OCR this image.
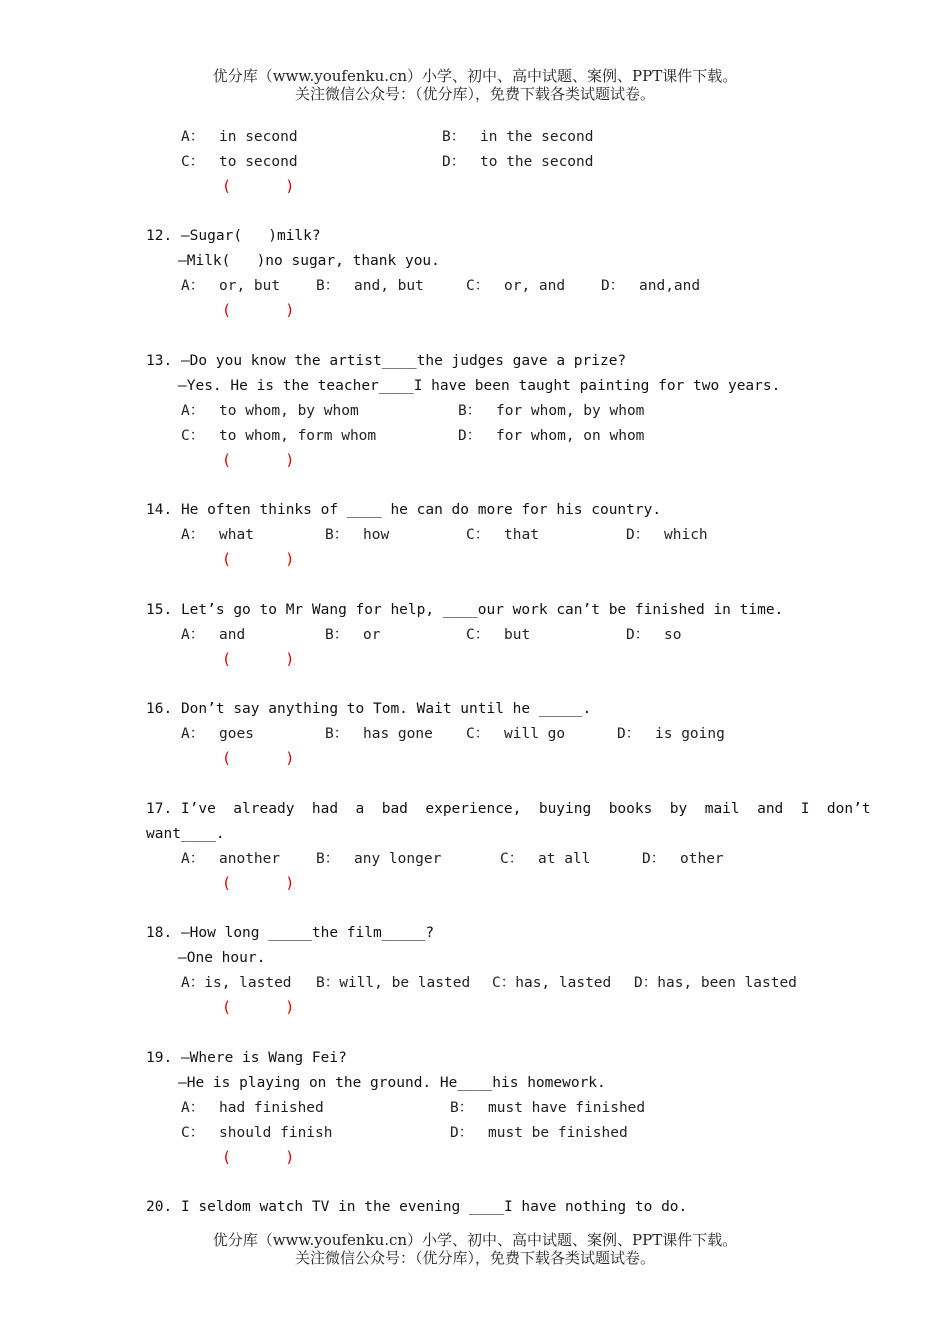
优分库（www.youfenku.cn）小学、初中、高中试题、案例、PPT课件下载。
关注微信公众号：（优分库），免费下载各类试题试卷。
A： in second	B： in the second
C： to second	D： to the second
(      )
12. —Sugar(   )milk?
—Milk(   )no sugar, thank you.
A： or, but B： and, but	C： or, and D： and,and
(      )
13. —Do you know the artist____the judges gave a prize?
—Yes. He is the teacher____I have been taught painting for two years.
A： to whom, by whom	B： for whom, by whom
C： to whom, form whom	D： for whom, on whom
(      )
14. He often thinks of ____ he can do more for his country.
A： what	B： how	C： that	D： which
(      )
15. Let’s go to Mr Wang for help, ____our work can’t be finished in time.
A： and	B： or	C： but	D： so
(      )
16. Don’t say anything to Tom. Wait until he _____.
A： goes	B： has gone C： will go	D： is going
(      )
17. I’ve  already  had  a  bad  experience,  buying  books  by  mail  and  I  don’t
want____.
A： another B： any longer	C： at all	D： other
(      )
18. —How long _____the film_____?
—One hour.
A：is, lasted B：will, be lasted C：has, lasted D：has, been lasted
(      )
19. —Where is Wang Fei?
—He is playing on the ground. He____his homework.
A： had finished	B： must have finished
C： should finish	D： must be finished
(      )
20. I seldom watch TV in the evening ____I have nothing to do.
优分库（www.youfenku.cn）小学、初中、高中试题、案例、PPT课件下载。
关注微信公众号：（优分库），免费下载各类试题试卷。
